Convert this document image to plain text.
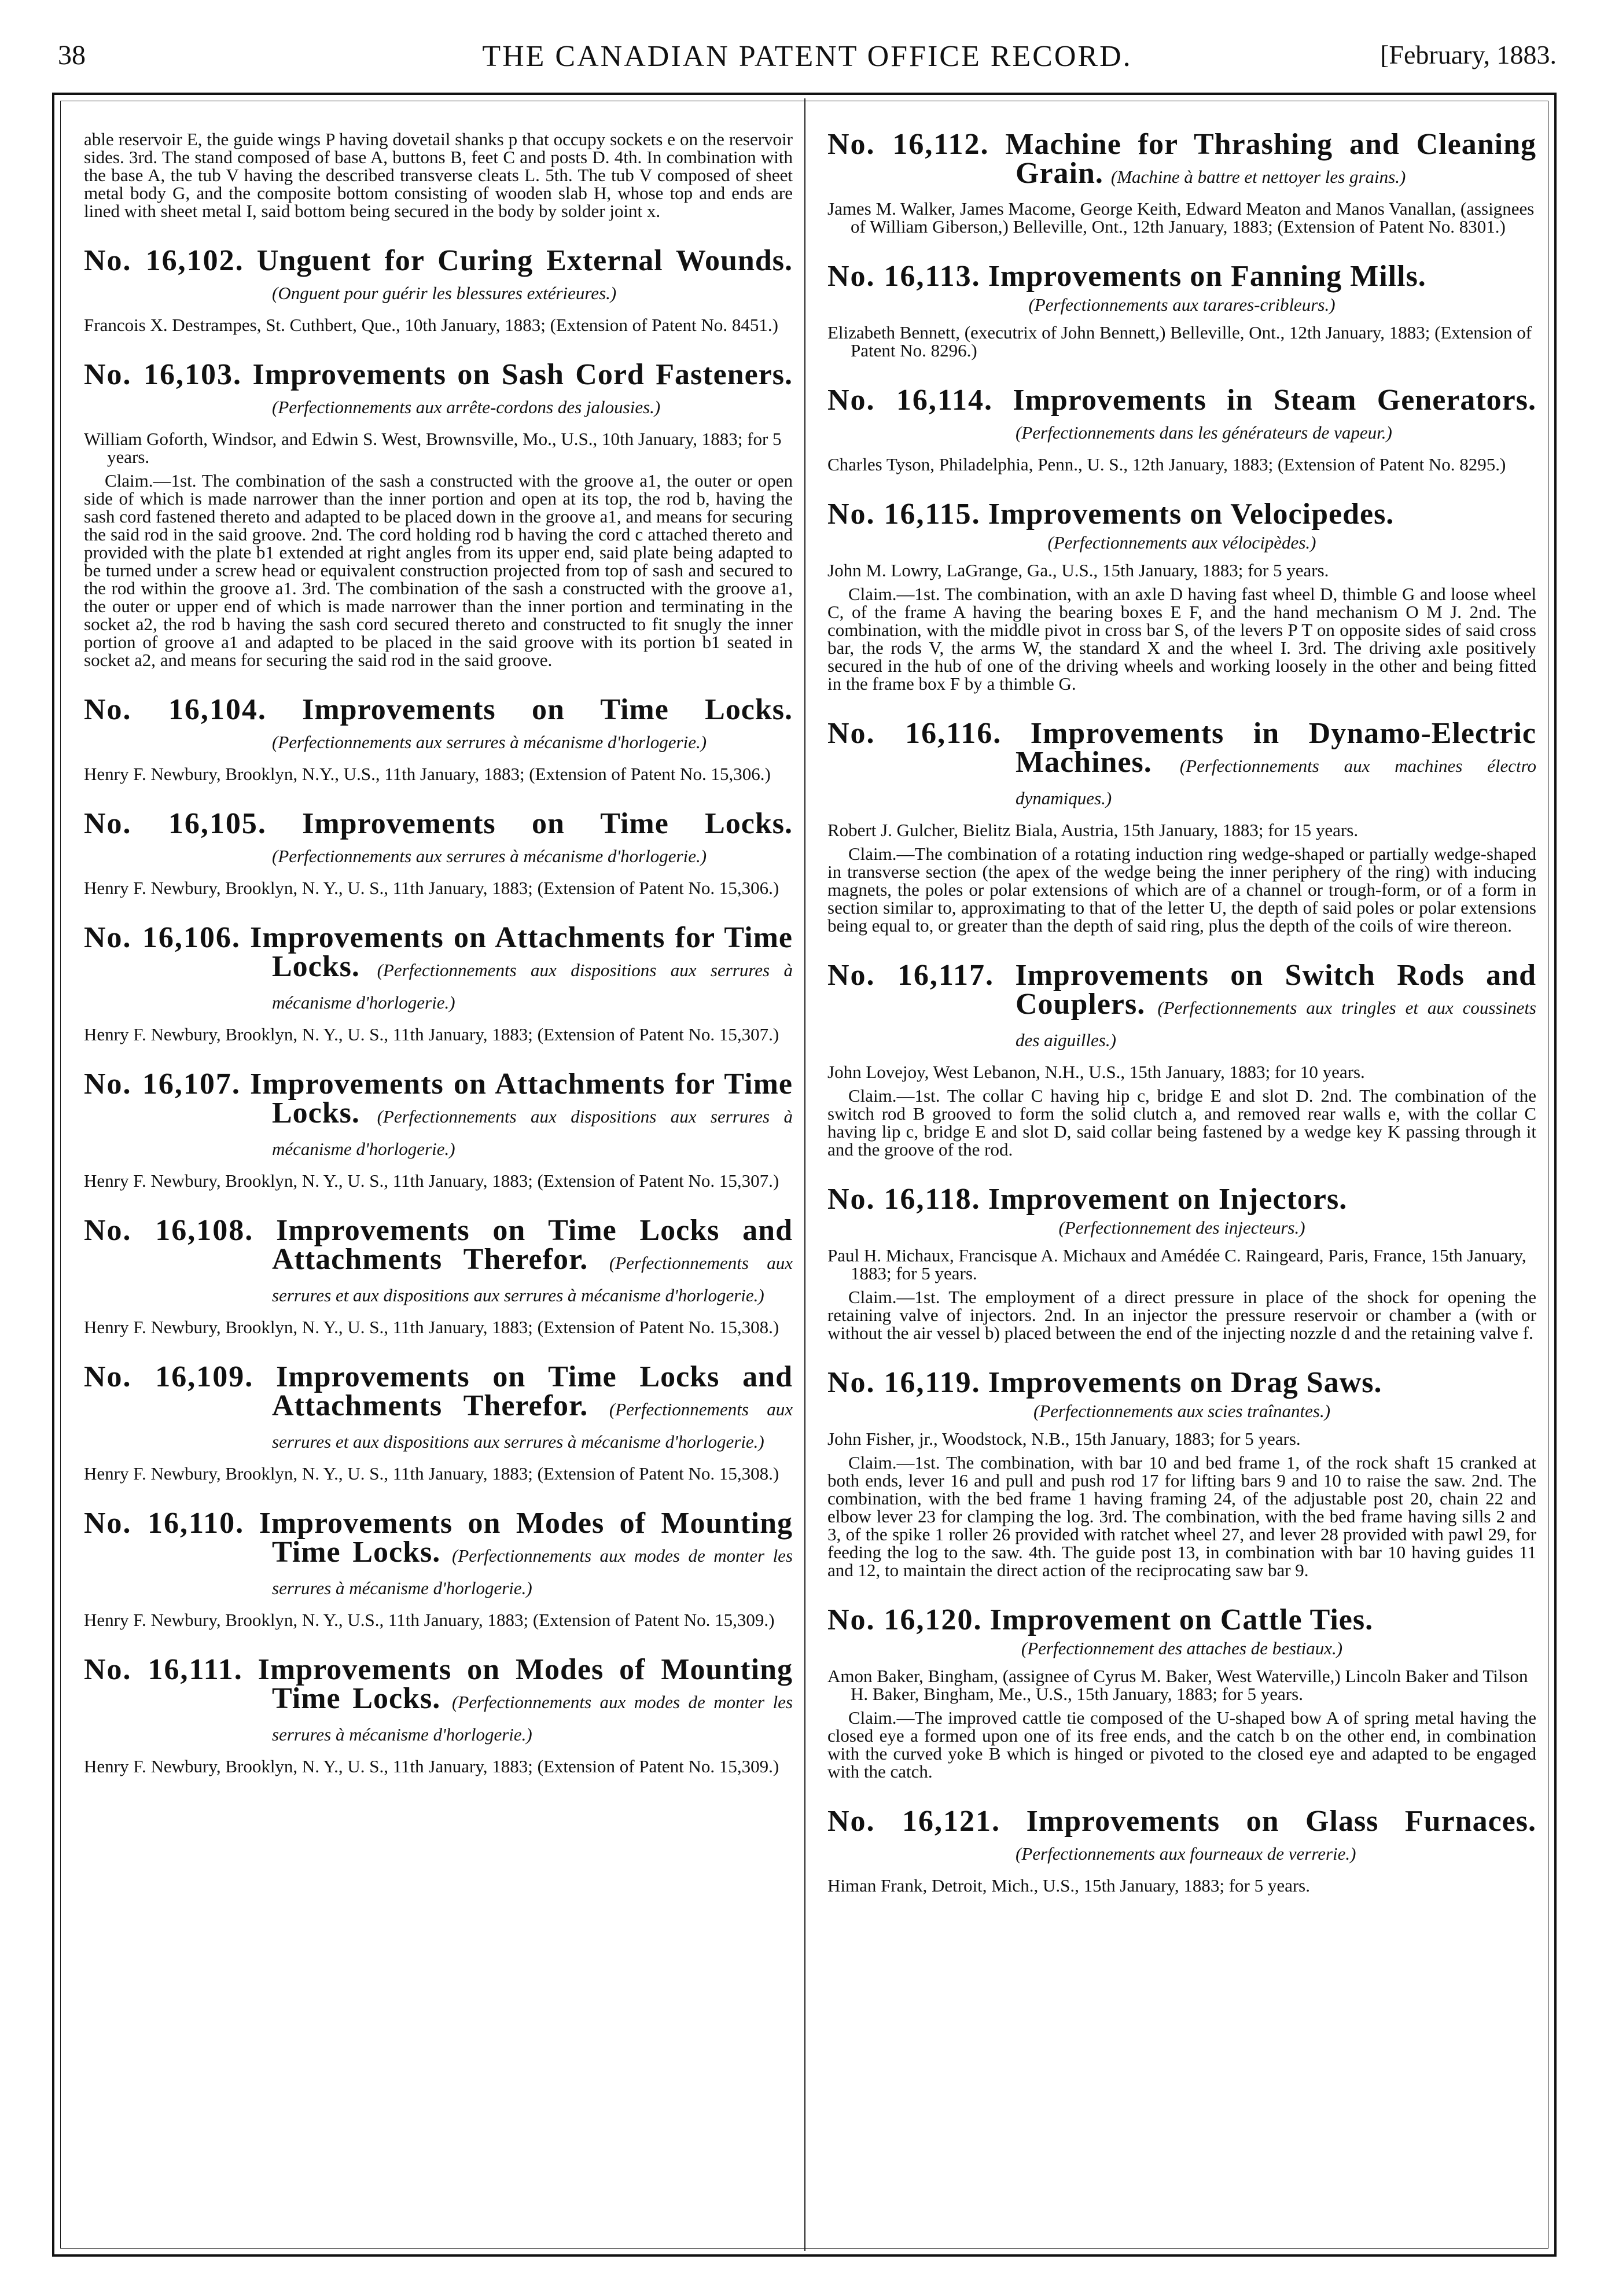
38	THE CANADIAN PATENT OFFICE RECORD.	[February, 1883.

able reservoir E, the guide wings P having dovetail shanks p that occupy sockets e on the reservoir sides. 3rd. The stand composed of base A, buttons B, feet C and posts D. 4th. In combination with the base A, the tub V having the described transverse cleats L. 5th. The tub V composed of sheet metal body G, and the composite bottom consisting of wooden slab H, whose top and ends are lined with sheet metal I, said bottom being secured in the body by solder joint x.

No. 16,102. Unguent for Curing External Wounds. (Onguent pour guérir les blessures extérieures.)

Francois X. Destrampes, St. Cuthbert, Que., 10th January, 1883; (Extension of Patent No. 8451.)

No. 16,103. Improvements on Sash Cord Fasteners. (Perfectionnements aux arrête-cordons des jalousies.)

William Goforth, Windsor, and Edwin S. West, Brownsville, Mo., U.S., 10th January, 1883; for 5 years.

Claim.—1st. The combination of the sash a constructed with the groove a1, the outer or open side of which is made narrower than the inner portion and open at its top, the rod b, having the sash cord fastened thereto and adapted to be placed down in the groove a1, and means for securing the said rod in the said groove. 2nd. The cord holding rod b having the cord c attached thereto and provided with the plate b1 extended at right angles from its upper end, said plate being adapted to be turned under a screw head or equivalent construction projected from top of sash and secured to the rod within the groove a1. 3rd. The combination of the sash a constructed with the groove a1, the outer or upper end of which is made narrower than the inner portion and terminating in the socket a2, the rod b having the sash cord secured thereto and constructed to fit snugly the inner portion of groove a1 and adapted to be placed in the said groove with its portion b1 seated in socket a2, and means for securing the said rod in the said groove.

No. 16,104. Improvements on Time Locks. (Perfectionnements aux serrures à mécanisme d'horlogerie.)

Henry F. Newbury, Brooklyn, N.Y., U.S., 11th January, 1883; (Extension of Patent No. 15,306.)

No. 16,105. Improvements on Time Locks. (Perfectionnements aux serrures à mécanisme d'horlogerie.)

Henry F. Newbury, Brooklyn, N. Y., U. S., 11th January, 1883; (Extension of Patent No. 15,306.)

No. 16,106. Improvements on Attachments for Time Locks. (Perfectionnements aux dispositions aux serrures à mécanisme d'horlogerie.)

Henry F. Newbury, Brooklyn, N. Y., U. S., 11th January, 1883; (Extension of Patent No. 15,307.)

No. 16,107. Improvements on Attachments for Time Locks. (Perfectionnements aux dispositions aux serrures à mécanisme d'horlogerie.)

Henry F. Newbury, Brooklyn, N. Y., U. S., 11th January, 1883; (Extension of Patent No. 15,307.)

No. 16,108. Improvements on Time Locks and Attachments Therefor. (Perfectionnements aux serrures et aux dispositions aux serrures à mécanisme d'horlogerie.)

Henry F. Newbury, Brooklyn, N. Y., U. S., 11th January, 1883; (Extension of Patent No. 15,308.)

No. 16,109. Improvements on Time Locks and Attachments Therefor. (Perfectionnements aux serrures et aux dispositions aux serrures à mécanisme d'horlogerie.)

Henry F. Newbury, Brooklyn, N. Y., U. S., 11th January, 1883; (Extension of Patent No. 15,308.)

No. 16,110. Improvements on Modes of Mounting Time Locks. (Perfectionnements aux modes de monter les serrures à mécanisme d'horlogerie.)

Henry F. Newbury, Brooklyn, N. Y., U.S., 11th January, 1883; (Extension of Patent No. 15,309.)

No. 16,111. Improvements on Modes of Mounting Time Locks. (Perfectionnements aux modes de monter les serrures à mécanisme d'horlogerie.)

Henry F. Newbury, Brooklyn, N. Y., U. S., 11th January, 1883; (Extension of Patent No. 15,309.)

No. 16,112. Machine for Thrashing and Cleaning Grain. (Machine à battre et nettoyer les grains.)

James M. Walker, James Macome, George Keith, Edward Meaton and Manos Vanallan, (assignees of William Giberson,) Belleville, Ont., 12th January, 1883; (Extension of Patent No. 8301.)

No. 16,113. Improvements on Fanning Mills.

(Perfectionnements aux tarares-cribleurs.)

Elizabeth Bennett, (executrix of John Bennett,) Belleville, Ont., 12th January, 1883; (Extension of Patent No. 8296.)

No. 16,114. Improvements in Steam Generators. (Perfectionnements dans les générateurs de vapeur.)

Charles Tyson, Philadelphia, Penn., U. S., 12th January, 1883; (Extension of Patent No. 8295.)

No. 16,115. Improvements on Velocipedes.

(Perfectionnements aux vélocipèdes.)

John M. Lowry, LaGrange, Ga., U.S., 15th January, 1883; for 5 years.

Claim.—1st. The combination, with an axle D having fast wheel D, thimble G and loose wheel C, of the frame A having the bearing boxes E F, and the hand mechanism O M J. 2nd. The combination, with the middle pivot in cross bar S, of the levers P T on opposite sides of said cross bar, the rods V, the arms W, the standard X and the wheel I. 3rd. The driving axle positively secured in the hub of one of the driving wheels and working loosely in the other and being fitted in the frame box F by a thimble G.

No. 16,116. Improvements in Dynamo-Electric Machines. (Perfectionnements aux machines électro dynamiques.)

Robert J. Gulcher, Bielitz Biala, Austria, 15th January, 1883; for 15 years.

Claim.—The combination of a rotating induction ring wedge-shaped or partially wedge-shaped in transverse section (the apex of the wedge being the inner periphery of the ring) with inducing magnets, the poles or polar extensions of which are of a channel or trough-form, or of a form in section similar to, approximating to that of the letter U, the depth of said poles or polar extensions being equal to, or greater than the depth of said ring, plus the depth of the coils of wire thereon.

No. 16,117. Improvements on Switch Rods and Couplers. (Perfectionnements aux tringles et aux coussinets des aiguilles.)

John Lovejoy, West Lebanon, N.H., U.S., 15th January, 1883; for 10 years.

Claim.—1st. The collar C having hip c, bridge E and slot D. 2nd. The combination of the switch rod B grooved to form the solid clutch a, and removed rear walls e, with the collar C having lip c, bridge E and slot D, said collar being fastened by a wedge key K passing through it and the groove of the rod.

No. 16,118. Improvement on Injectors.

(Perfectionnement des injecteurs.)

Paul H. Michaux, Francisque A. Michaux and Amédée C. Raingeard, Paris, France, 15th January, 1883; for 5 years.

Claim.—1st. The employment of a direct pressure in place of the shock for opening the retaining valve of injectors. 2nd. In an injector the pressure reservoir or chamber a (with or without the air vessel b) placed between the end of the injecting nozzle d and the retaining valve f.

No. 16,119. Improvements on Drag Saws.

(Perfectionnements aux scies traînantes.)

John Fisher, jr., Woodstock, N.B., 15th January, 1883; for 5 years.

Claim.—1st. The combination, with bar 10 and bed frame 1, of the rock shaft 15 cranked at both ends, lever 16 and pull and push rod 17 for lifting bars 9 and 10 to raise the saw. 2nd. The combination, with the bed frame 1 having framing 24, of the adjustable post 20, chain 22 and elbow lever 23 for clamping the log. 3rd. The combination, with the bed frame having sills 2 and 3, of the spike 1 roller 26 provided with ratchet wheel 27, and lever 28 provided with pawl 29, for feeding the log to the saw. 4th. The guide post 13, in combination with bar 10 having guides 11 and 12, to maintain the direct action of the reciprocating saw bar 9.

No. 16,120. Improvement on Cattle Ties.

(Perfectionnement des attaches de bestiaux.)

Amon Baker, Bingham, (assignee of Cyrus M. Baker, West Waterville,) Lincoln Baker and Tilson H. Baker, Bingham, Me., U.S., 15th January, 1883; for 5 years.

Claim.—The improved cattle tie composed of the U-shaped bow A of spring metal having the closed eye a formed upon one of its free ends, and the catch b on the other end, in combination with the curved yoke B which is hinged or pivoted to the closed eye and adapted to be engaged with the catch.

No. 16,121. Improvements on Glass Furnaces. (Perfectionnements aux fourneaux de verrerie.)

Himan Frank, Detroit, Mich., U.S., 15th January, 1883; for 5 years.
